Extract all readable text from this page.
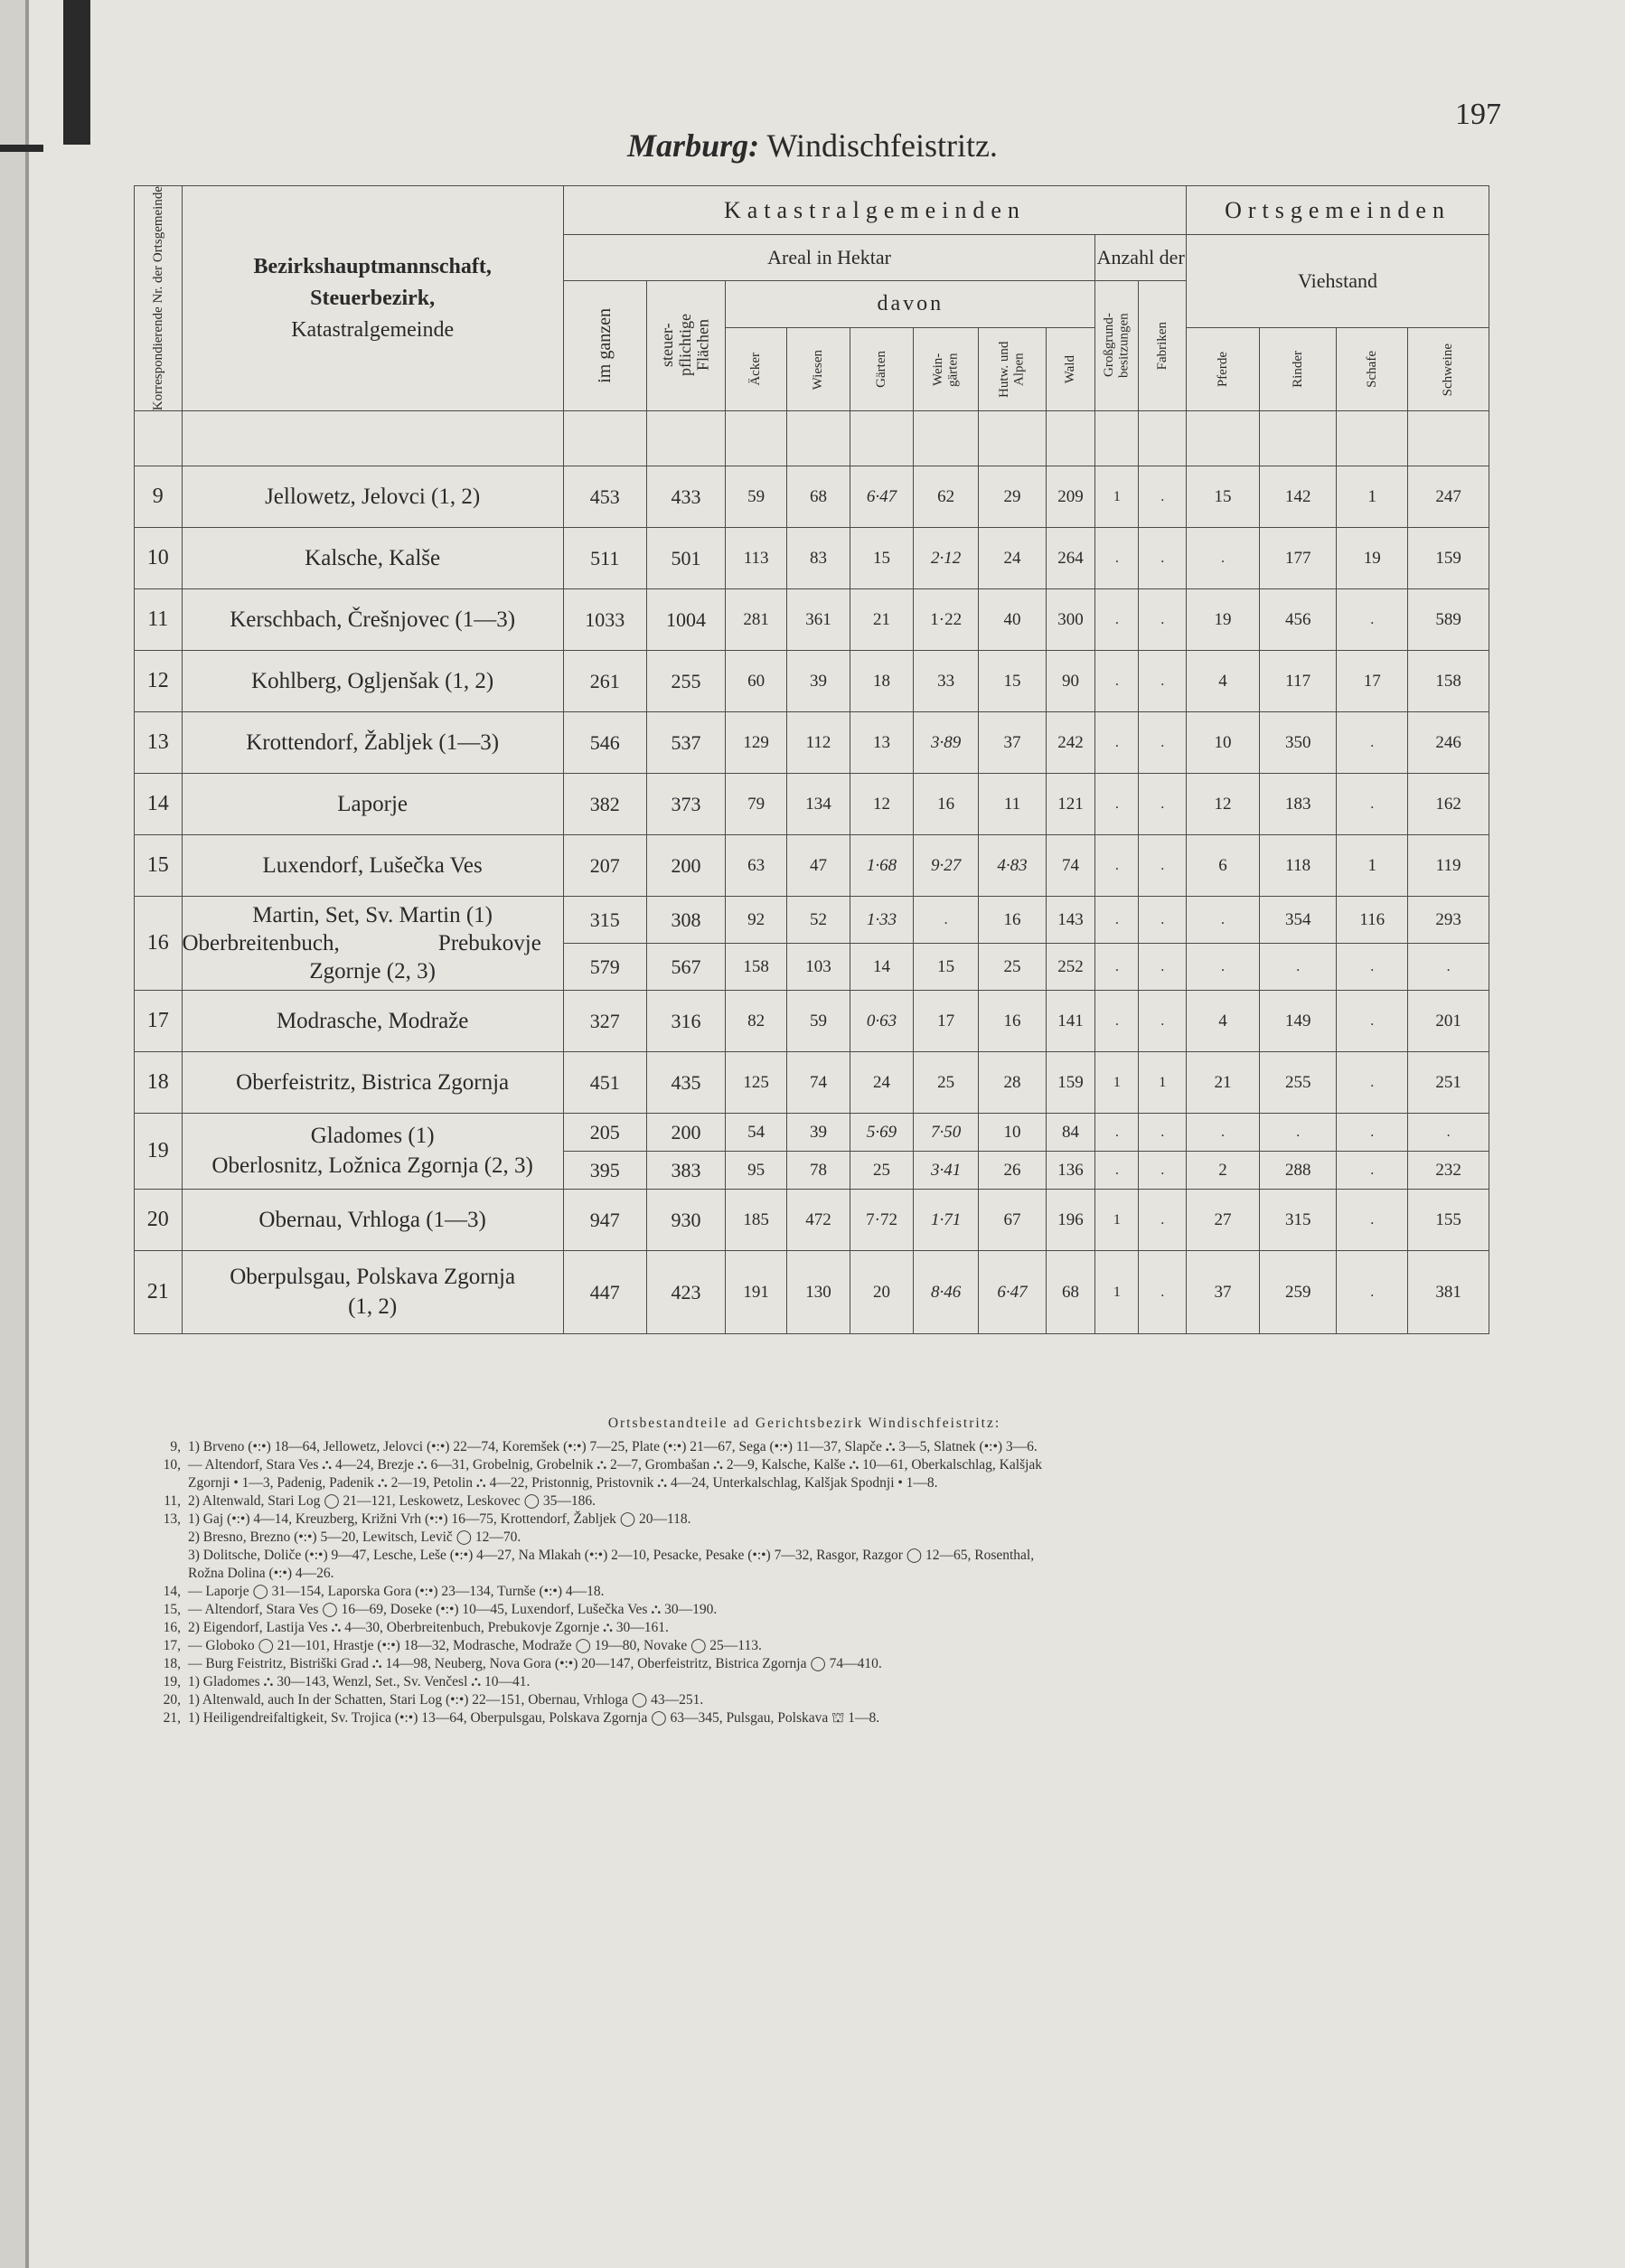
197
Marburg: Windischfeistritz.
Korrespondierende Nr. der Ortsgemeinde	Bezirkshauptmannschaft,
Steuerbezirk,
Katastralgemeinde	Katastralgemeinden										Ortsgemeinden			
		Areal in Hektar								Anzahl der		Viehstand			

		im ganzen	steuer-pflichtige Flächen	davon						Großgrund-besitzungen	Fabriken				

				Äcker	Wiesen	Gärten	Wein-gärten	Hutw. und Alpen	Wald			Pferde	Rinder	Schafe	Schweine

9	Jellowetz, Jelovci (1, 2)	453	433	59	68	6·47	62	29	209	1	.	15	142	1	247
10	Kalsche, Kalše	511	501	113	83	15	2·12	24	264	.	.	.	177	19	159
11	Kerschbach, Črešnjovec (1—3)	1033	1004	281	361	21	1·22	40	300	.	.	19	456	.	589
12	Kohlberg, Ogljenšak (1, 2)	261	255	60	39	18	33	15	90	.	.	4	117	17	158
13	Krottendorf, Žabljek (1—3)	546	537	129	112	13	3·89	37	242	.	.	10	350	.	246
14	Laporje	382	373	79	134	12	16	11	121	.	.	12	183	.	162
15	Luxendorf, Lušečka Ves	207	200	63	47	1·68	9·27	4·83	74	.	.	6	118	1	119
16	Martin, Set, Sv. Martin (1)

Oberbreitenbuch, Prebukovje
Zgornje (2, 3)	315	308	92	52	1·33	.	16	143	.	.	.	354	116	293
		579	567	158	103	14	15	25	252	.	.	.	.	.	.
17	Modrasche, Modraže	327	316	82	59	0·63	17	16	141	.	.	4	149	.	201
18	Oberfeistritz, Bistrica Zgornja	451	435	125	74	24	25	28	159	1	1	21	255	.	251
19	Gladomes (1)
Oberlosnitz, Ložnica Zgornja (2, 3)	205	200	54	39	5·69	7·50	10	84	.	.	.	.	.	.
		395	383	95	78	25	3·41	26	136	.	.	2	288	.	232
20	Obernau, Vrhloga (1—3)	947	930	185	472	7·72	1·71	67	196	1	.	27	315	.	155
21	Oberpulsgau, Polskava Zgornja
(1, 2)	447	423	191	130	20	8·46	6·47	68	1	.	37	259	.	381
Ortsbestandteile ad Gerichtsbezirk Windischfeistritz:
9, 1) Brveno (•:•) 18—64, Jellowetz, Jelovci (•:•) 22—74, Koremšek (•:•) 7—25, Plate (•:•) 21—67, Sega (•:•) 11—37, Slapče ⛬ 3—5, Slatnek (•:•) 3—6.
10, — Altendorf, Stara Ves ⛬ 4—24, Brezje ⛬ 6—31, Grobelnig, Grobelnik ⛬ 2—7, Grombašan ⛬ 2—9, Kalsche, Kalše ⛬ 10—61, Oberkalschlag, Kalšjak
Zgornji • 1—3, Padenig, Padenik ⛬ 2—19, Petolin ⛬ 4—22, Pristonnig, Pristovnik ⛬ 4—24, Unterkalschlag, Kalšjak Spodnji • 1—8.
11, 2) Altenwald, Stari Log ◯ 21—121, Leskowetz, Leskovec ◯ 35—186.
13, 1) Gaj (•:•) 4—14, Kreuzberg, Križni Vrh (•:•) 16—75, Krottendorf, Žabljek ◯ 20—118.
2) Bresno, Brezno (•:•) 5—20, Lewitsch, Levič ◯ 12—70.
3) Dolitsche, Doliče (•:•) 9—47, Lesche, Leše (•:•) 4—27, Na Mlakah (•:•) 2—10, Pesacke, Pesake (•:•) 7—32, Rasgor, Razgor ◯ 12—65, Rosenthal,
Rožna Dolina (•:•) 4—26.
14, — Laporje ◯ 31—154, Laporska Gora (•:•) 23—134, Turnše (•:•) 4—18.
15, — Altendorf, Stara Ves ◯ 16—69, Doseke (•:•) 10—45, Luxendorf, Lušečka Ves ⛬ 30—190.
16, 2) Eigendorf, Lastija Ves ⛬ 4—30, Oberbreitenbuch, Prebukovje Zgornje ⛬ 30—161.
17, — Globoko ◯ 21—101, Hrastje (•:•) 18—32, Modrasche, Modraže ◯ 19—80, Novake ◯ 25—113.
18, — Burg Feistritz, Bistriški Grad ⛬ 14—98, Neuberg, Nova Gora (•:•) 20—147, Oberfeistritz, Bistrica Zgornja ◯ 74—410.
19, 1) Gladomes ⛬ 30—143, Wenzl, Set., Sv. Venčesl ⛬ 10—41.
20, 1) Altenwald, auch In der Schatten, Stari Log (•:•) 22—151, Obernau, Vrhloga ◯ 43—251.
21, 1) Heiligendreifaltigkeit, Sv. Trojica (•:•) 13—64, Oberpulsgau, Polskava Zgornja ◯ 63—345, Pulsgau, Polskava ⛫ 1—8.
